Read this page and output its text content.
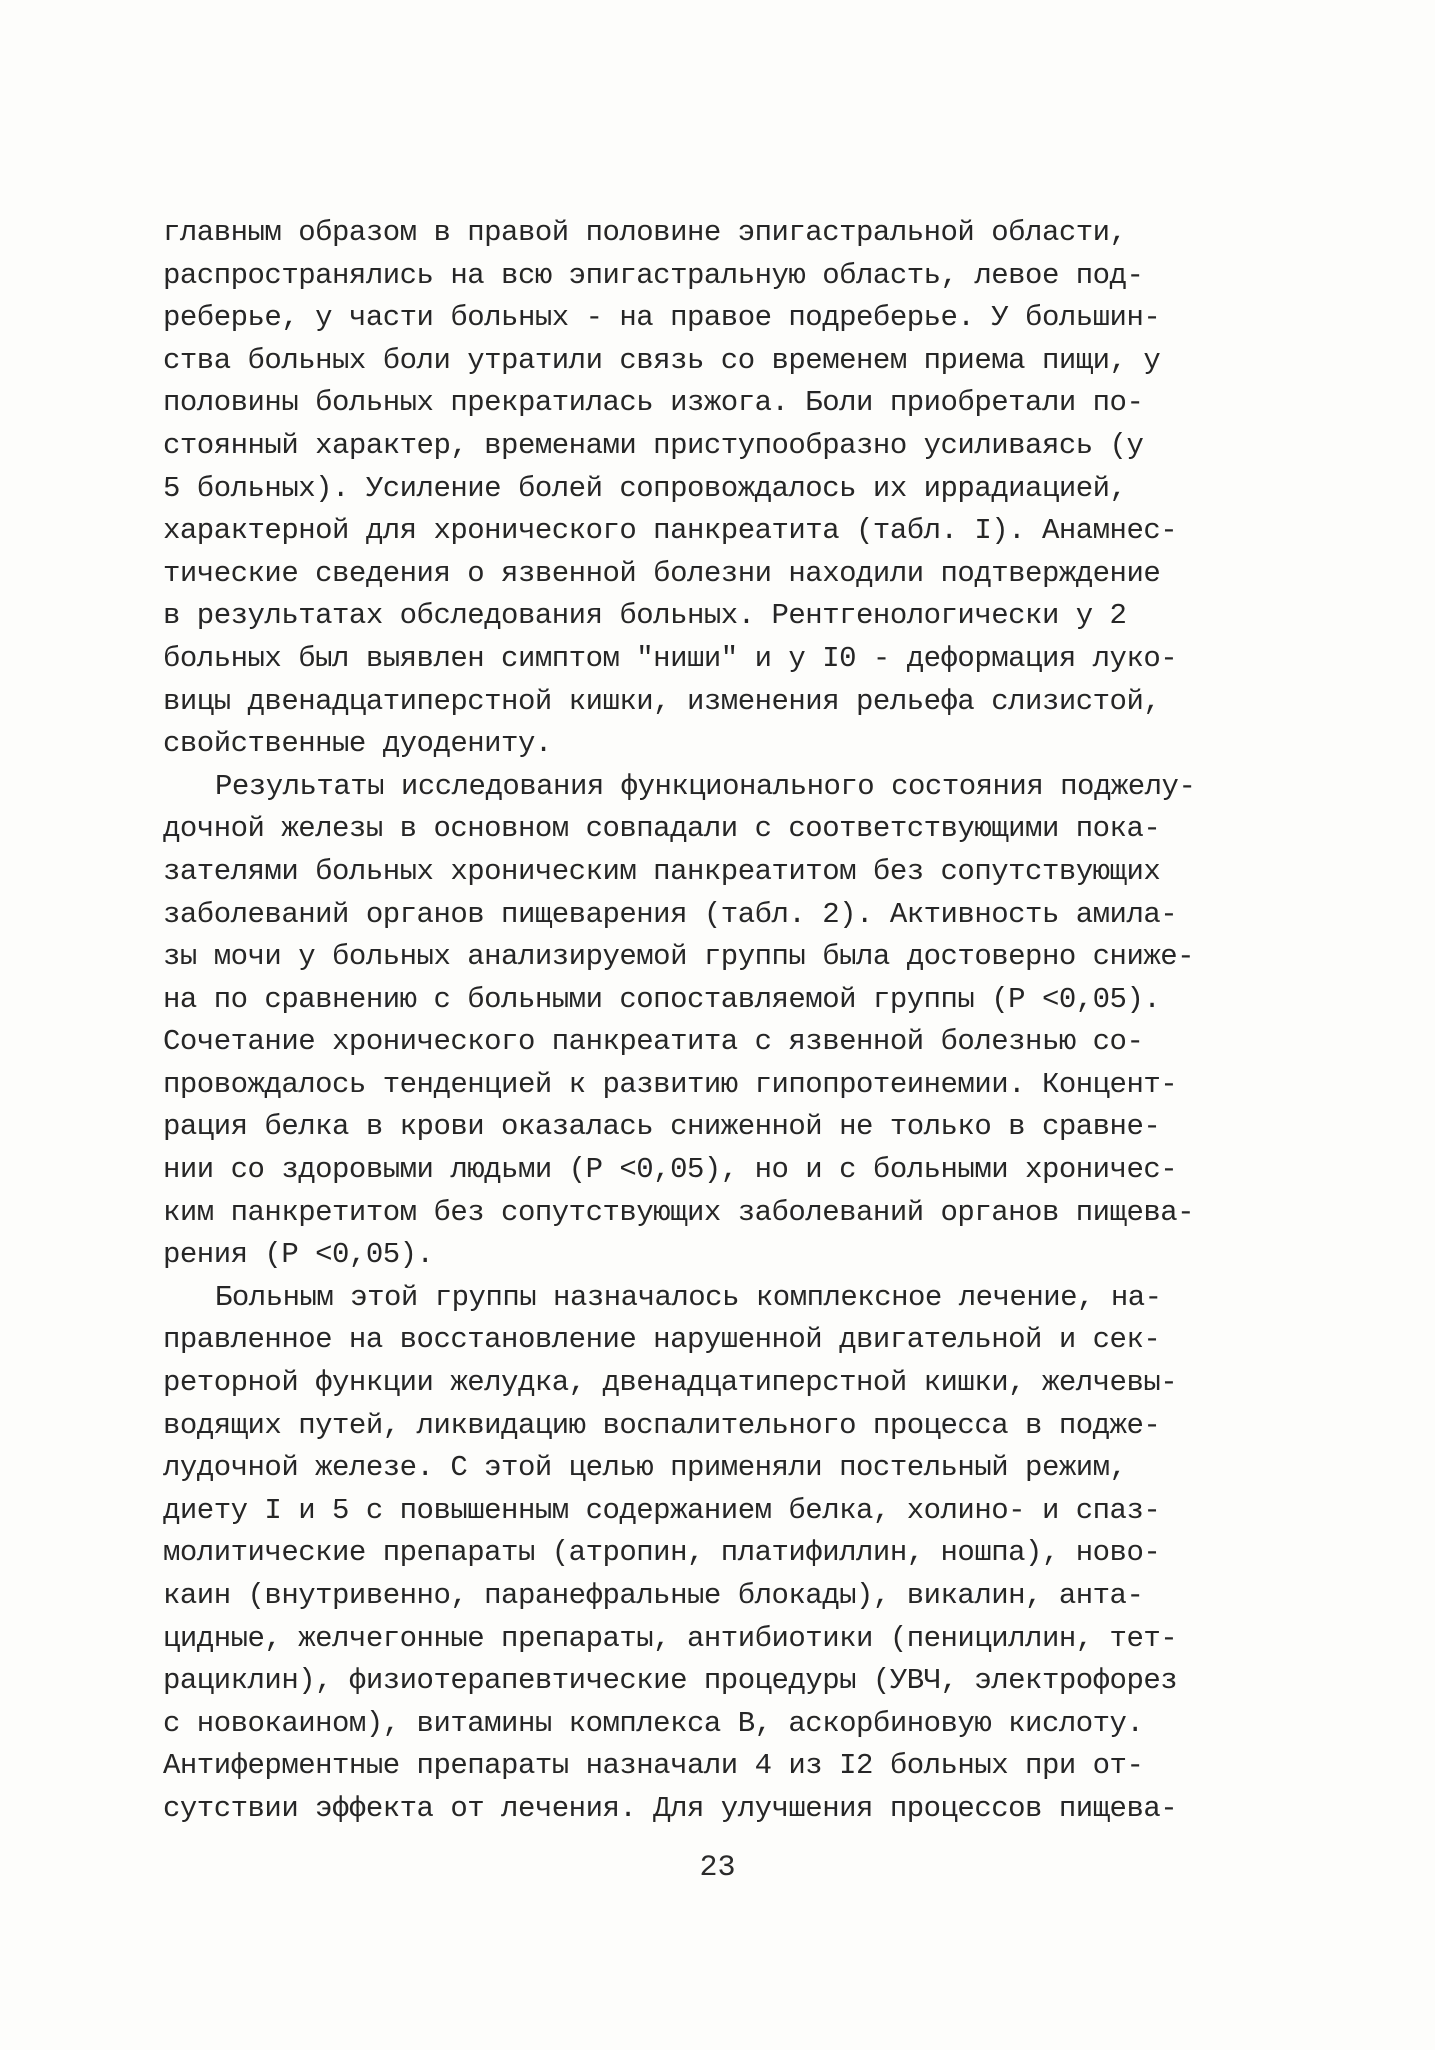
главным образом в правой половине эпигастральной области,
распространялись на всю эпигастральную область, левое под-
реберье, у части больных - на правое подреберье. У большин-
ства больных боли утратили связь со временем приема пищи, у
половины больных прекратилась изжога. Боли приобретали по-
стоянный характер, временами приступообразно усиливаясь (у
5 больных). Усиление болей сопровождалось их иррадиацией,
характерной для хронического панкреатита (табл. I). Анамнес-
тические сведения о язвенной болезни находили подтверждение
в результатах обследования больных. Рентгенологически у 2
больных был выявлен симптом "ниши" и у I0 - деформация луко-
вицы двенадцатиперстной кишки, изменения рельефа слизистой,
свойственные дуодениту.
Результаты исследования функционального состояния поджелу-
дочной железы в основном совпадали с соответствующими пока-
зателями больных хроническим панкреатитом без сопутствующих
заболеваний органов пищеварения (табл. 2). Активность амила-
зы мочи у больных анализируемой группы была достоверно сниже-
на по сравнению с больными сопоставляемой группы (P <0,05).
Сочетание хронического панкреатита с язвенной болезнью со-
провождалось тенденцией к развитию гипопротеинемии. Концент-
рация белка в крови оказалась сниженной не только в сравне-
нии со здоровыми людьми (P <0,05), но и с больными хроничес-
ким панкретитом без сопутствующих заболеваний органов пищева-
рения (P <0,05).
Больным этой группы назначалось комплексное лечение, на-
правленное на восстановление нарушенной двигательной и сек-
реторной функции желудка, двенадцатиперстной кишки, желчевы-
водящих путей, ликвидацию воспалительного процесса в подже-
лудочной железе. С этой целью применяли постельный режим,
диету I и 5 с повышенным содержанием белка, холино- и спаз-
молитические препараты (атропин, платифиллин, ношпа), ново-
каин (внутривенно, паранефральные блокады), викалин, анта-
цидные, желчегонные препараты, антибиотики (пенициллин, тет-
рациклин), физиотерапевтические процедуры (УВЧ, электрофорез
с новокаином), витамины комплекса В, аскорбиновую кислоту.
Антиферментные препараты назначали 4 из I2 больных при от-
сутствии эффекта от лечения. Для улучшения процессов пищева-
23
